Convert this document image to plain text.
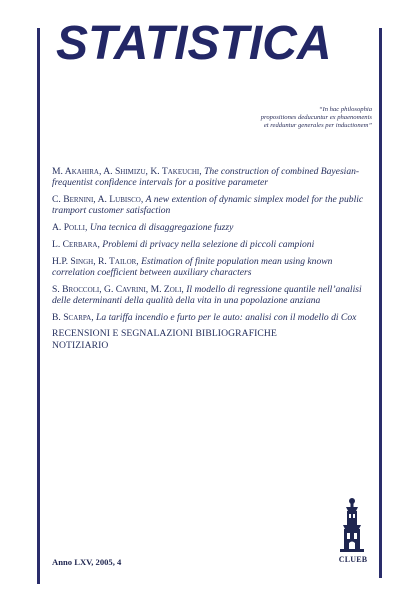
STATISTICA
“In hac philosophia
propositiones deducuntur ex phaenomenis
et redduntur generales per inductionem”

M. Akahira, A. Shimizu, K. Takeuchi, The construction of combined Bayesian-frequentist confidence intervals for a positive parameter

C. Bernini, A. Lubisco, A new extention of dynamic simplex model for the public tramport customer satisfaction

A. Polli, Una tecnica di disaggregazione fuzzy

L. Cerbara, Problemi di privacy nella selezione di piccoli campioni

H.P. Singh, R. Tailor, Estimation of finite population mean using known correlation coefficient between auxiliary characters

S. Broccoli, G. Cavrini, M. Zoli, Il modello di regressione quantile nell’analisi delle determinanti della qualità della vita in una popolazione anziana

B. Scarpa, La tariffa incendio e furto per le auto: analisi con il modello di Cox

RECENSIONI E SEGNALAZIONI BIBLIOGRAFICHE

NOTIZIARIO

Anno LXV, 2005, 4	CLUEB
